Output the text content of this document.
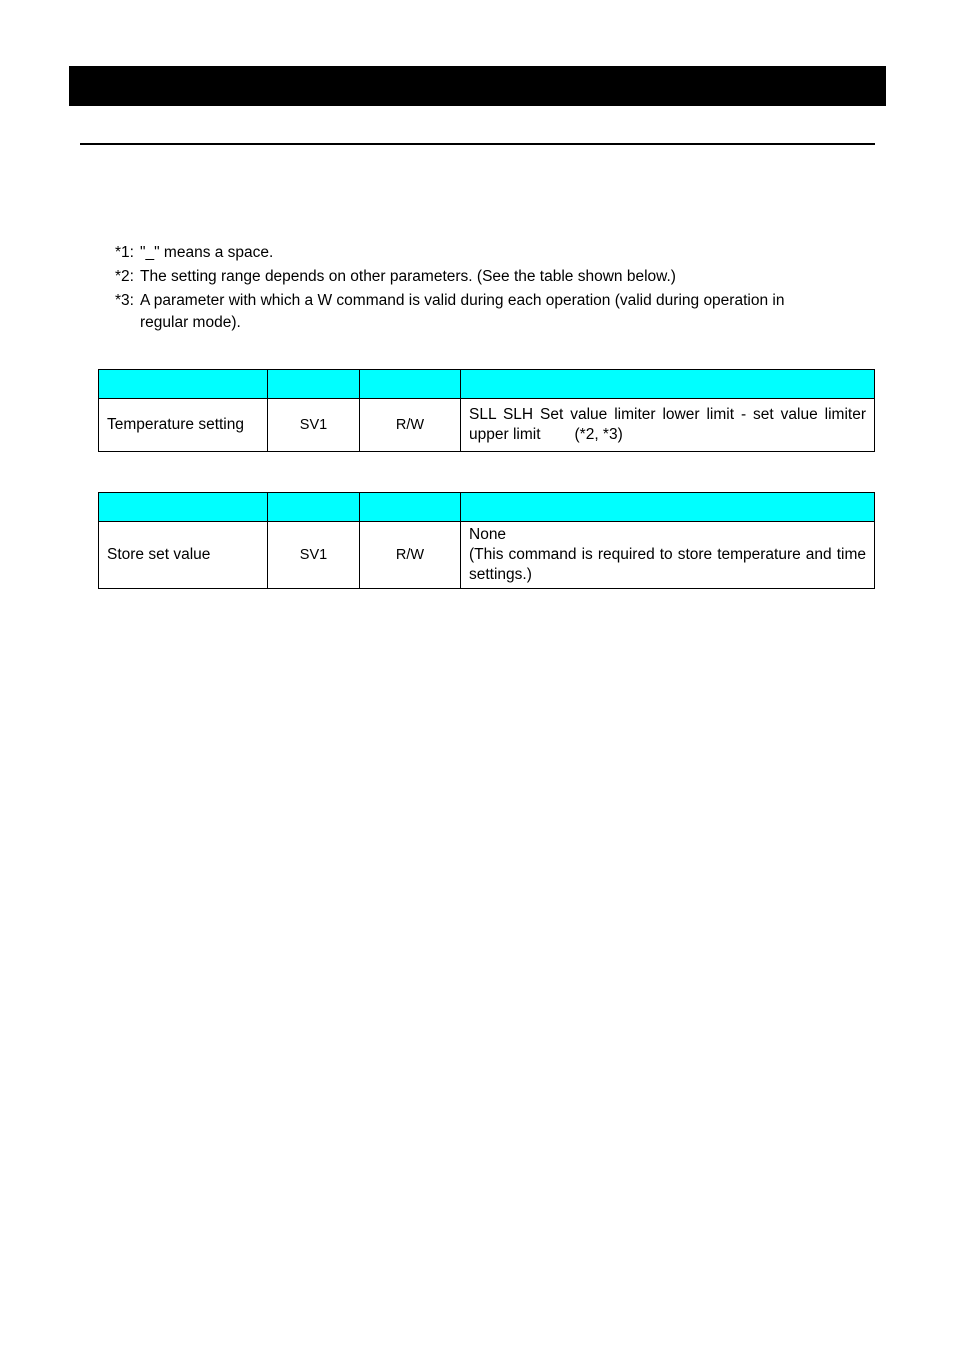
*1: "_" means a space.
*2: The setting range depends on other parameters. (See the table shown below.)
*3: A parameter with which a W command is valid during each operation (valid during operation in
regular mode).

Temperature setting	SV1	R/W	SLL SLH Set value limiter lower limit - set value limiter upper limit (*2, *3)

Store set value	SV1	R/W	None
(This command is required to store temperature and time settings.)
